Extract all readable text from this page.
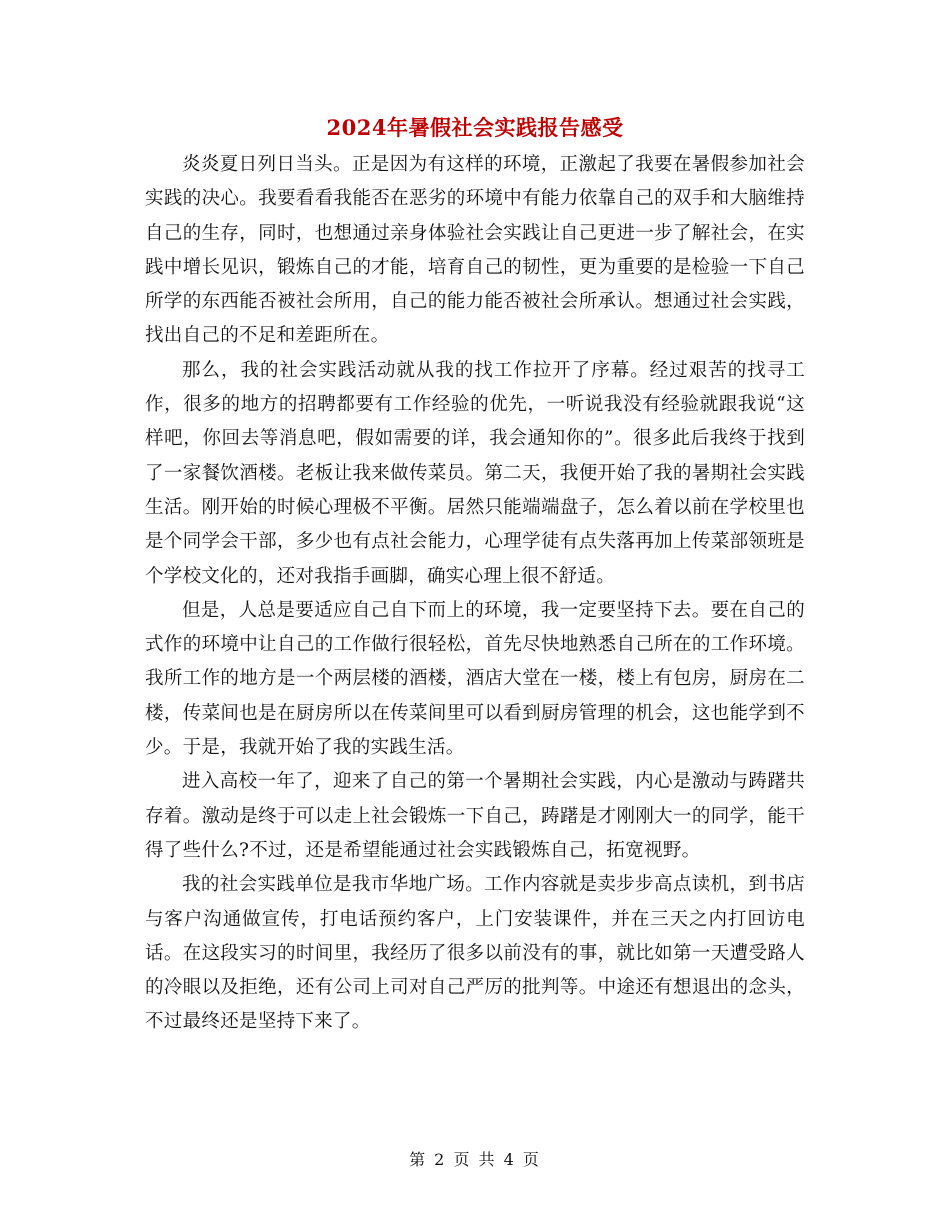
2024年暑假社会实践报告感受

炎炎夏日列日当头。正是因为有这样的环境，正激起了我要在暑假参加社会实践的决心。我要看看我能否在恶劣的环境中有能力依靠自己的双手和大脑维持自己的生存，同时，也想通过亲身体验社会实践让自己更进一步了解社会，在实践中增长见识，锻炼自己的才能，培育自己的韧性，更为重要的是检验一下自己所学的东西能否被社会所用，自己的能力能否被社会所承认。想通过社会实践，找出自己的不足和差距所在。

那么，我的社会实践活动就从我的找工作拉开了序幕。经过艰苦的找寻工作，很多的地方的招聘都要有工作经验的优先，一听说我没有经验就跟我说“这样吧，你回去等消息吧，假如需要的详，我会通知你的”。很多此后我终于找到了一家餐饮酒楼。老板让我来做传菜员。第二天，我便开始了我的暑期社会实践生活。刚开始的时候心理极不平衡。居然只能端端盘子，怎么着以前在学校里也是个同学会干部，多少也有点社会能力，心理学徒有点失落再加上传菜部领班是个学校文化的，还对我指手画脚，确实心理上很不舒适。

但是，人总是要适应自己自下而上的环境，我一定要坚持下去。要在自己的式作的环境中让自己的工作做行很轻松，首先尽快地熟悉自己所在的工作环境。我所工作的地方是一个两层楼的酒楼，酒店大堂在一楼，楼上有包房，厨房在二楼，传菜间也是在厨房所以在传菜间里可以看到厨房管理的机会，这也能学到不少。于是，我就开始了我的实践生活。

进入高校一年了，迎来了自己的第一个暑期社会实践，内心是激动与踌躇共存着。激动是终于可以走上社会锻炼一下自己，踌躇是才刚刚大一的同学，能干得了些什么?不过，还是希望能通过社会实践锻炼自己，拓宽视野。

我的社会实践单位是我市华地广场。工作内容就是卖步步高点读机，到书店与客户沟通做宣传，打电话预约客户，上门安装课件，并在三天之内打回访电话。在这段实习的时间里，我经历了很多以前没有的事，就比如第一天遭受路人的冷眼以及拒绝，还有公司上司对自己严厉的批判等。中途还有想退出的念头，不过最终还是坚持下来了。

第 2 页 共 4 页
